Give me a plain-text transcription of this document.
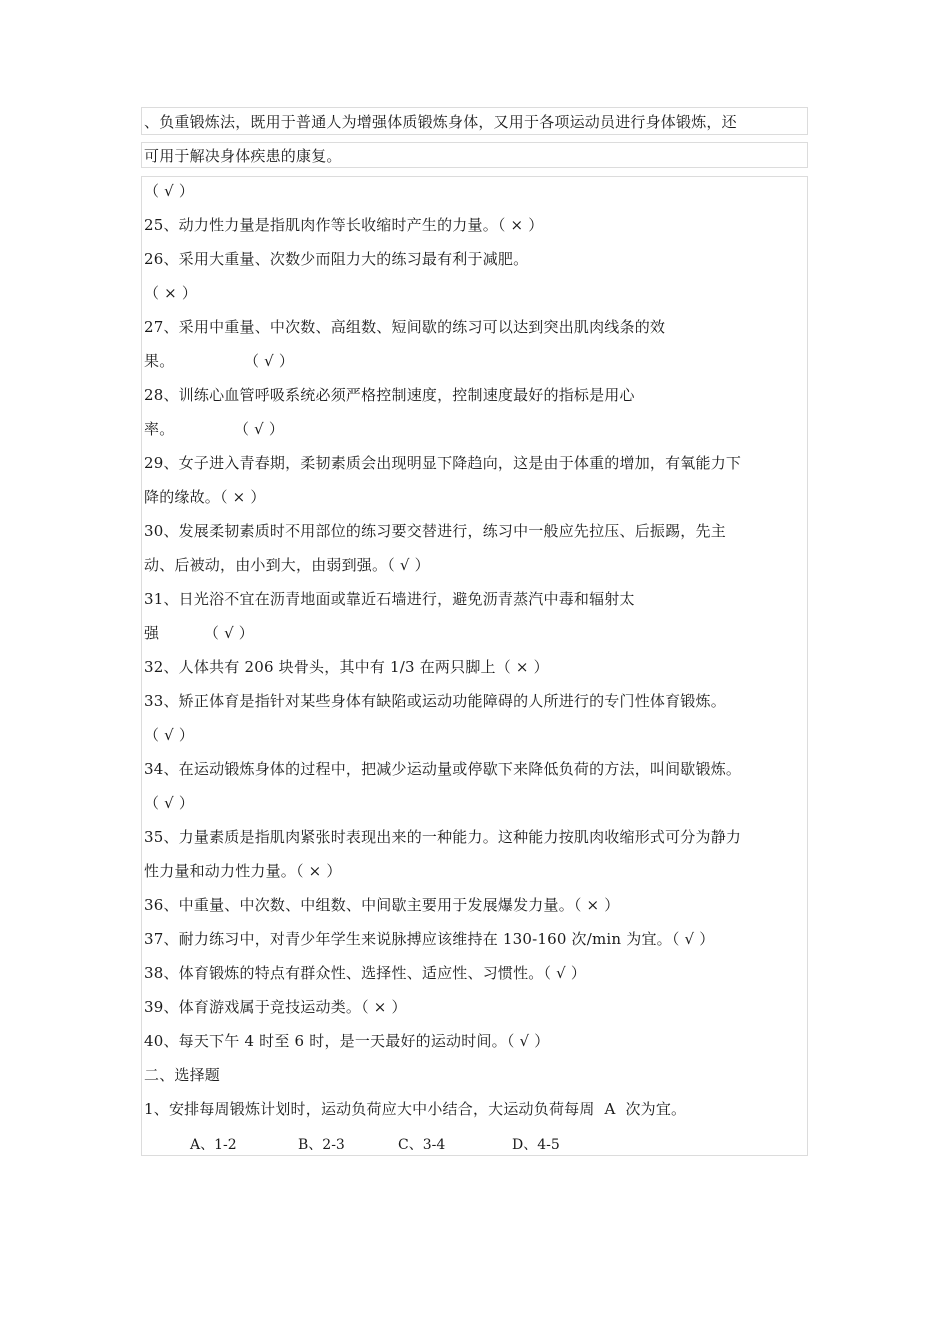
、负重锻炼法，既用于普通人为增强体质锻炼身体，又用于各项运动员进行身体锻炼，还
可用于解决身体疾患的康复。
（ √ ）
25、动力性力量是指肌肉作等长收缩时产生的力量。（ × ）
26、采用大重量、次数少而阻力大的练习最有利于减肥。
（ × ）
27、采用中重量、中次数、高组数、短间歇的练习可以达到突出肌肉线条的效
果。              （ √ ）
28、训练心血管呼吸系统必须严格控制速度，控制速度最好的指标是用心
率。            （ √ ）
29、女子进入青春期，柔韧素质会出现明显下降趋向，这是由于体重的增加，有氧能力下
降的缘故。（ × ）
30、发展柔韧素质时不用部位的练习要交替进行，练习中一般应先拉压、后振踢，先主
动、后被动，由小到大，由弱到强。（ √ ）
31、日光浴不宜在沥青地面或靠近石墙进行，避免沥青蒸汽中毒和辐射太
强         （ √ ）
32、人体共有 206 块骨头，其中有 1/3 在两只脚上（ × ）
33、矫正体育是指针对某些身体有缺陷或运动功能障碍的人所进行的专门性体育锻炼。
（ √ ）
34、在运动锻炼身体的过程中，把减少运动量或停歇下来降低负荷的方法，叫间歇锻炼。
（ √ ）
35、力量素质是指肌肉紧张时表现出来的一种能力。这种能力按肌肉收缩形式可分为静力
性力量和动力性力量。（ × ）
36、中重量、中次数、中组数、中间歇主要用于发展爆发力量。（ × ）
37、耐力练习中，对青少年学生来说脉搏应该维持在 130-160 次/min 为宜。（ √ ）
38、体育锻炼的特点有群众性、选择性、适应性、习惯性。（ √ ）
39、体育游戏属于竞技运动类。（ × ）
40、每天下午 4 时至 6 时，是一天最好的运动时间。（ √ ）
二、选择题
1、安排每周锻炼计划时，运动负荷应大中小结合，大运动负荷每周  A  次为宜。
A、1-2	B、2-3	C、3-4	D、4-5
